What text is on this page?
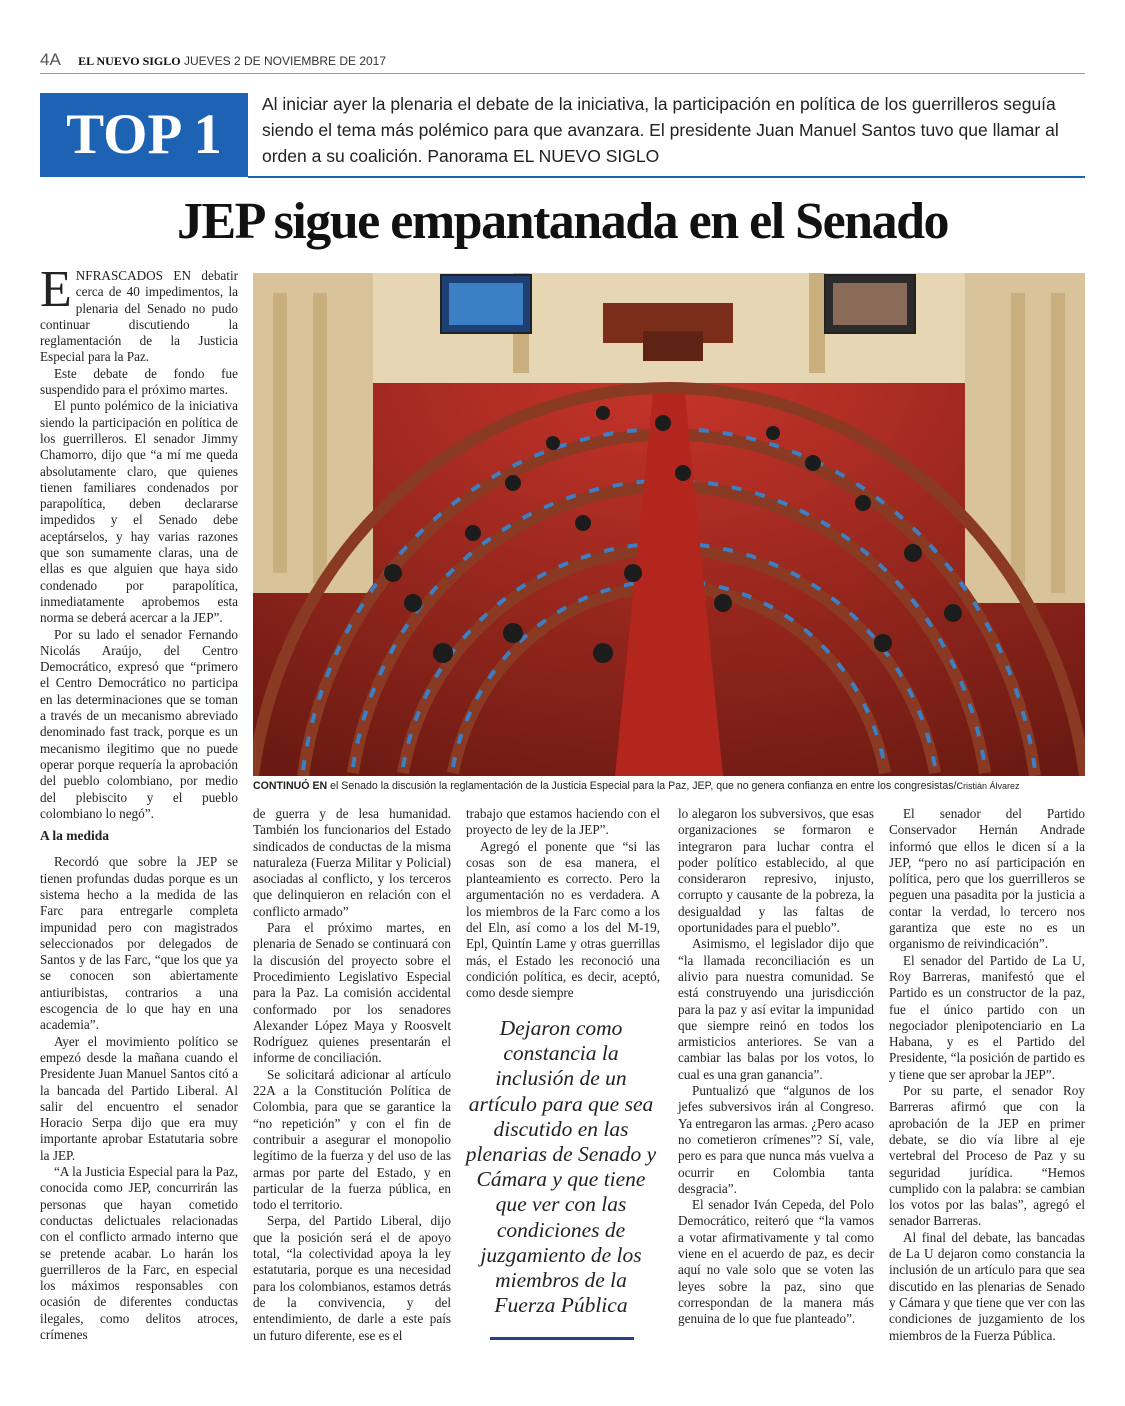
4A EL NUEVO SIGLO JUEVES 2 DE NOVIEMBRE DE 2017
TOP 1	Al iniciar ayer la plenaria el debate de la iniciativa, la participación en política de los guerrilleros seguía siendo el tema más polémico para que avanzara. El presidente Juan Manuel Santos tuvo que llamar al orden a su coalición. Panorama EL NUEVO SIGLO
JEP sigue empantanada en el Senado

ENFRASCADOS EN debatir cerca de 40 impedimentos, la plenaria del Senado no pudo continuar discutiendo la reglamentación de la Justicia Especial para la Paz.

Este debate de fondo fue suspendido para el próximo martes.

El punto polémico de la iniciativa siendo la participación en política de los guerrilleros. El senador Jimmy Chamorro, dijo que “a mí me queda absolutamente claro, que quienes tienen familiares condenados por parapolítica, deben declararse impedidos y el Senado debe aceptárselos, y hay varias razones que son sumamente claras, una de ellas es que alguien que haya sido condenado por parapolítica, inmediatamente aprobemos esta norma se deberá acercar a la JEP”.

Por su lado el senador Fernando Nicolás Araújo, del Centro Democrático, expresó que “primero el Centro Democrático no participa en las determinaciones que se toman a través de un mecanismo abreviado denominado fast track, porque es un mecanismo ilegitimo que no puede operar porque requería la aprobación del pueblo colombiano, por medio del plebiscito y el pueblo colombiano lo negó”.

A la medida

Recordó que sobre la JEP se tienen profundas dudas porque es un sistema hecho a la medida de las Farc para entregarle completa impunidad pero con magistrados seleccionados por delegados de Santos y de las Farc, “que los que ya se conocen son abiertamente antiuribistas, contrarios a una escogencia de lo que hay en una academia”.

Ayer el movimiento político se empezó desde la mañana cuando el Presidente Juan Manuel Santos citó a la bancada del Partido Liberal. Al salir del encuentro el senador Horacio Serpa dijo que era muy importante aprobar Estatutaria sobre la JEP.

“A la Justicia Especial para la Paz, conocida como JEP, concurrirán las personas que hayan cometido conductas delictuales relacionadas con el conflicto armado interno que se pretende acabar. Lo harán los guerrilleros de la Farc, en especial los máximos responsables con ocasión de diferentes conductas ilegales, como delitos atroces, crímenes

CONTINUÓ EN el Senado la discusión la reglamentación de la Justicia Especial para la Paz, JEP, que no genera confianza en entre los congresistas/Cristián Álvarez

de guerra y de lesa humanidad. También los funcionarios del Estado sindicados de conductas de la misma naturaleza (Fuerza Militar y Policial) asociadas al conflicto, y los terceros que delinquieron en relación con el conflicto armado”

Para el próximo martes, en plenaria de Senado se continuará con la discusión del proyecto sobre el Procedimiento Legislativo Especial para la Paz. La comisión accidental conformado por los senadores Alexander López Maya y Roosvelt Rodríguez quienes presentarán el informe de conciliación.

Se solicitará adicionar al artículo 22A a la Constitución Política de Colombia, para que se garantice la “no repetición” y con el fin de contribuir a asegurar el monopolio legítimo de la fuerza y del uso de las armas por parte del Estado, y en particular de la fuerza pública, en todo el territorio.

Serpa, del Partido Liberal, dijo que la posición será el de apoyo total, “la colectividad apoya la ley estatutaria, porque es una necesidad para los colombianos, estamos detrás de la convivencia, y del entendimiento, de darle a este país un futuro diferente, ese es el

trabajo que estamos haciendo con el proyecto de ley de la JEP”.

Agregó el ponente que “si las cosas son de esa manera, el planteamiento es correcto. Pero la argumentación no es verdadera. A los miembros de la Farc como a los del Eln, así como a los del M-19, Epl, Quintín Lame y otras guerrillas más, el Estado les reconoció una condición política, es decir, aceptó, como desde siempre

Dejaron como constancia la inclusión de un artículo para que sea discutido en las plenarias de Senado y Cámara y que tiene que ver con las condiciones de juzgamiento de los miembros de la Fuerza Pública

lo alegaron los subversivos, que esas organizaciones se formaron e integraron para luchar contra el poder político establecido, al que consideraron represivo, injusto, corrupto y causante de la pobreza, la desigualdad y las faltas de oportunidades para el pueblo”.

Asimismo, el legislador dijo que “la llamada reconciliación es un alivio para nuestra comunidad. Se está construyendo una jurisdicción para la paz y así evitar la impunidad que siempre reinó en todos los armisticios anteriores. Se van a cambiar las balas por los votos, lo cual es una gran ganancia”.

Puntualizó que “algunos de los jefes subversivos irán al Congreso. Ya entregaron las armas. ¿Pero acaso no cometieron crímenes”? Sí, vale, pero es para que nunca más vuelva a ocurrir en Colombia tanta desgracia”.

El senador Iván Cepeda, del Polo Democrático, reiteró que “la vamos a votar afirmativamente y tal como viene en el acuerdo de paz, es decir aquí no vale solo que se voten las leyes sobre la paz, sino que correspondan de la manera más genuina de lo que fue planteado”.

El senador del Partido Conservador Hernán Andrade informó que ellos le dicen sí a la JEP, “pero no así participación en política, pero que los guerrilleros se peguen una pasadita por la justicia a contar la verdad, lo tercero nos garantiza que este no es un organismo de reivindicación”.

El senador del Partido de La U, Roy Barreras, manifestó que el Partido es un constructor de la paz, fue el único partido con un negociador plenipotenciario en La Habana, y es el Partido del Presidente, “la posición de partido es y tiene que ser aprobar la JEP”.

Por su parte, el senador Roy Barreras afirmó que con la aprobación de la JEP en primer debate, se dio vía libre al eje vertebral del Proceso de Paz y su seguridad jurídica. “Hemos cumplido con la palabra: se cambian los votos por las balas”, agregó el senador Barreras.

Al final del debate, las bancadas de La U dejaron como constancia la inclusión de un artículo para que sea discutido en las plenarias de Senado y Cámara y que tiene que ver con las condiciones de juzgamiento de los miembros de la Fuerza Pública.
